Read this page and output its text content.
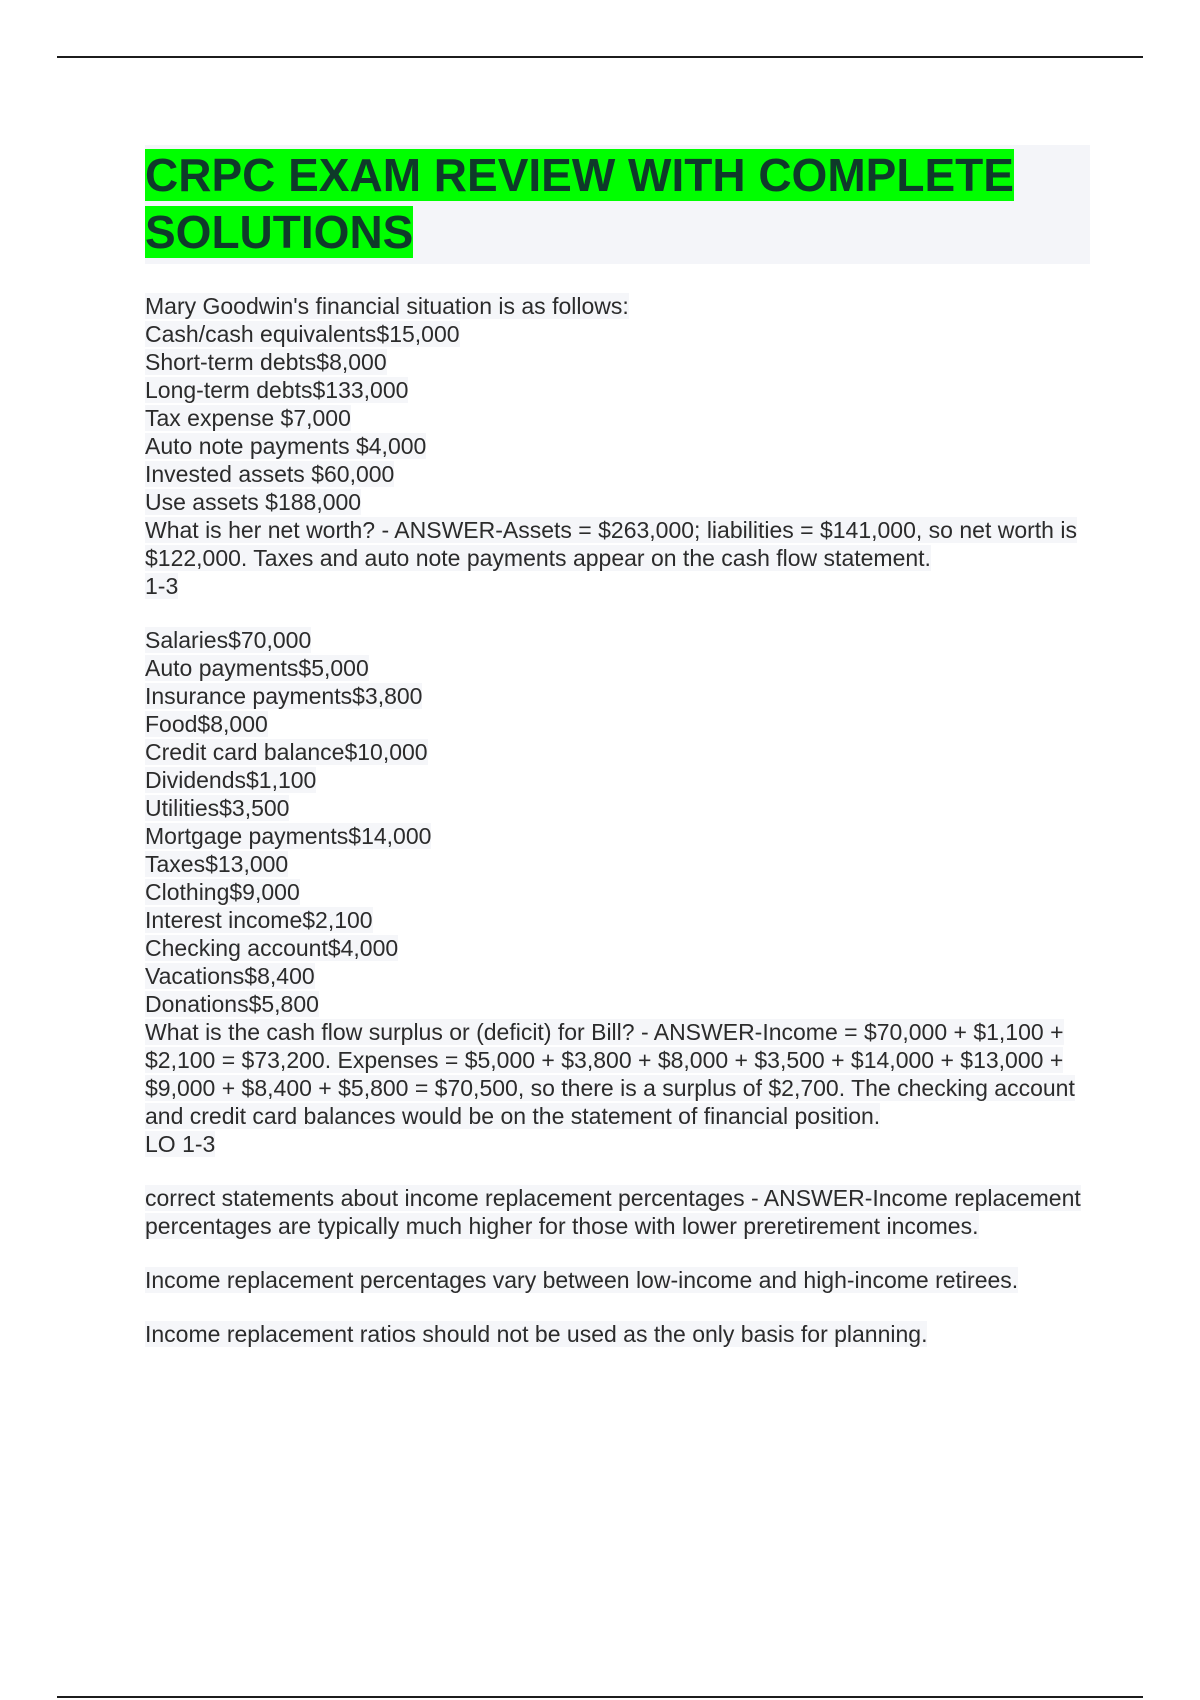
CRPC EXAM REVIEW WITH COMPLETE
SOLUTIONS
Mary Goodwin's financial situation is as follows:
Cash/cash equivalents$15,000
Short-term debts$8,000
Long-term debts$133,000
Tax expense $7,000
Auto note payments $4,000
Invested assets $60,000
Use assets $188,000
What is her net worth? - ANSWER-Assets = $263,000; liabilities = $141,000, so net worth is $122,000. Taxes and auto note payments appear on the cash flow statement.
1-3
Salaries$70,000
Auto payments$5,000
Insurance payments$3,800
Food$8,000
Credit card balance$10,000
Dividends$1,100
Utilities$3,500
Mortgage payments$14,000
Taxes$13,000
Clothing$9,000
Interest income$2,100
Checking account$4,000
Vacations$8,400
Donations$5,800
What is the cash flow surplus or (deficit) for Bill? - ANSWER-Income = $70,000 + $1,100 + $2,100 = $73,200. Expenses = $5,000 + $3,800 + $8,000 + $3,500 + $14,000 + $13,000 + $9,000 + $8,400 + $5,800 = $70,500, so there is a surplus of $2,700. The checking account and credit card balances would be on the statement of financial position.
LO 1-3
correct statements about income replacement percentages - ANSWER-Income replacement percentages are typically much higher for those with lower preretirement incomes.
Income replacement percentages vary between low-income and high-income retirees.
Income replacement ratios should not be used as the only basis for planning.
